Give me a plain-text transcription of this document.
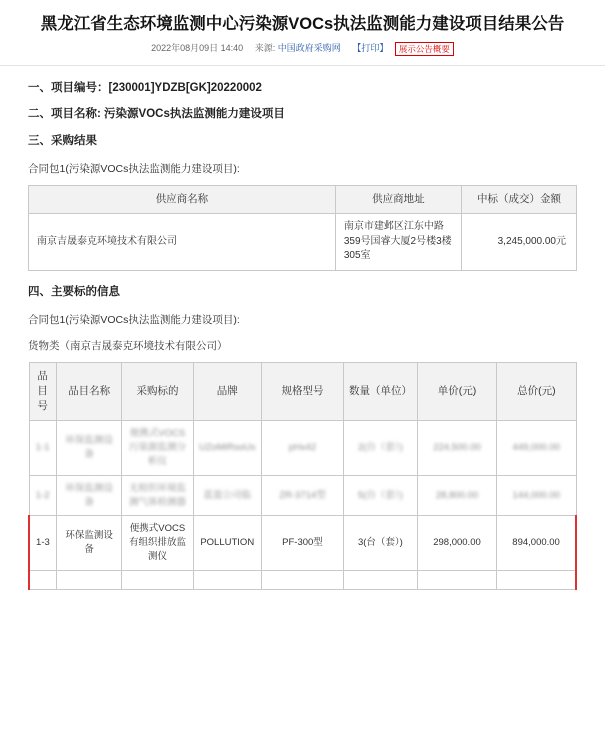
黑龙江省生态环境监测中心污染源VOCs执法监测能力建设项目结果公告
2022年08月09日 14:40 来源: 中国政府采购网 【打印】 展示公告概要
一、项目编号：[230001]YDZB[GK]20220002
二、项目名称: 污染源VOCs执法监测能力建设项目
三、采购结果
合同包1(污染源VOCs执法监测能力建设项目):
供应商名称	供应商地址	中标（成交）金额
南京吉晟泰克环境技术有限公司	南京市建邺区江东中路359号国睿大厦2号楼3楼305室	3,245,000.00元
四、主要标的信息
合同包1(污染源VOCs执法监测能力建设项目):
货物类（南京吉晟泰克环境技术有限公司）
品目号	品目名称	采购标的	品牌	规格型号	数量（单位）	单价(元)	总价(元)
1-1	环保监测设备	便携式VOCS污染源监测分析仪	UZoMiRsoUs	pHx42	2(台（套）)	224,500.00	449,000.00
1-2	环保监测设备	无组织环境监测气体检测器	蓝盈公司临	ZR-3714型	5(台（套）)	28,800.00	144,000.00
1-3	环保监测设备	便携式VOCS有组织排放监测仪	POLLUTION	PF-300型	3(台（套）)	298,000.00	894,000.00
